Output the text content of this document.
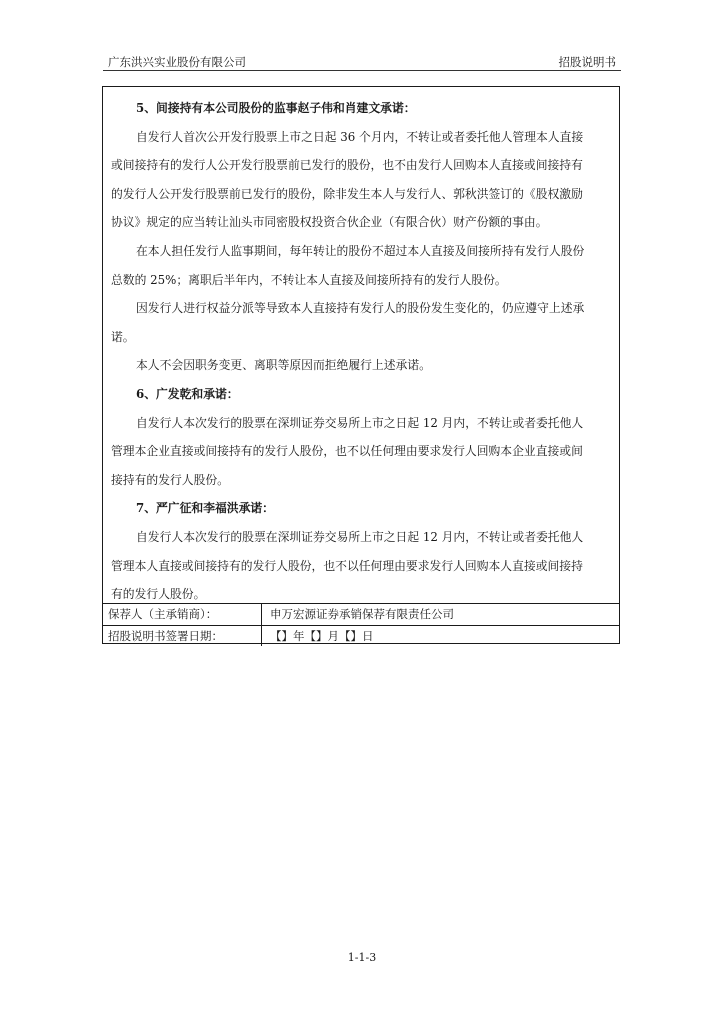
广东洪兴实业股份有限公司	招股说明书
5、间接持有本公司股份的监事赵子伟和肖建文承诺：
自发行人首次公开发行股票上市之日起 36 个月内，不转让或者委托他人管理本人直接
或间接持有的发行人公开发行股票前已发行的股份，也不由发行人回购本人直接或间接持有
的发行人公开发行股票前已发行的股份，除非发生本人与发行人、郭秋洪签订的《股权激励
协议》规定的应当转让汕头市同密股权投资合伙企业（有限合伙）财产份额的事由。
在本人担任发行人监事期间，每年转让的股份不超过本人直接及间接所持有发行人股份
总数的 25%；离职后半年内，不转让本人直接及间接所持有的发行人股份。
因发行人进行权益分派等导致本人直接持有发行人的股份发生变化的，仍应遵守上述承
诺。
本人不会因职务变更、离职等原因而拒绝履行上述承诺。
6、广发乾和承诺：
自发行人本次发行的股票在深圳证券交易所上市之日起 12 月内，不转让或者委托他人
管理本企业直接或间接持有的发行人股份，也不以任何理由要求发行人回购本企业直接或间
接持有的发行人股份。
7、严广征和李福洪承诺：
自发行人本次发行的股票在深圳证券交易所上市之日起 12 月内，不转让或者委托他人
管理本人直接或间接持有的发行人股份，也不以任何理由要求发行人回购本人直接或间接持
有的发行人股份。
保荐人（主承销商）：	申万宏源证券承销保荐有限责任公司
招股说明书签署日期：	【】年【】月【】日
1-1-3
